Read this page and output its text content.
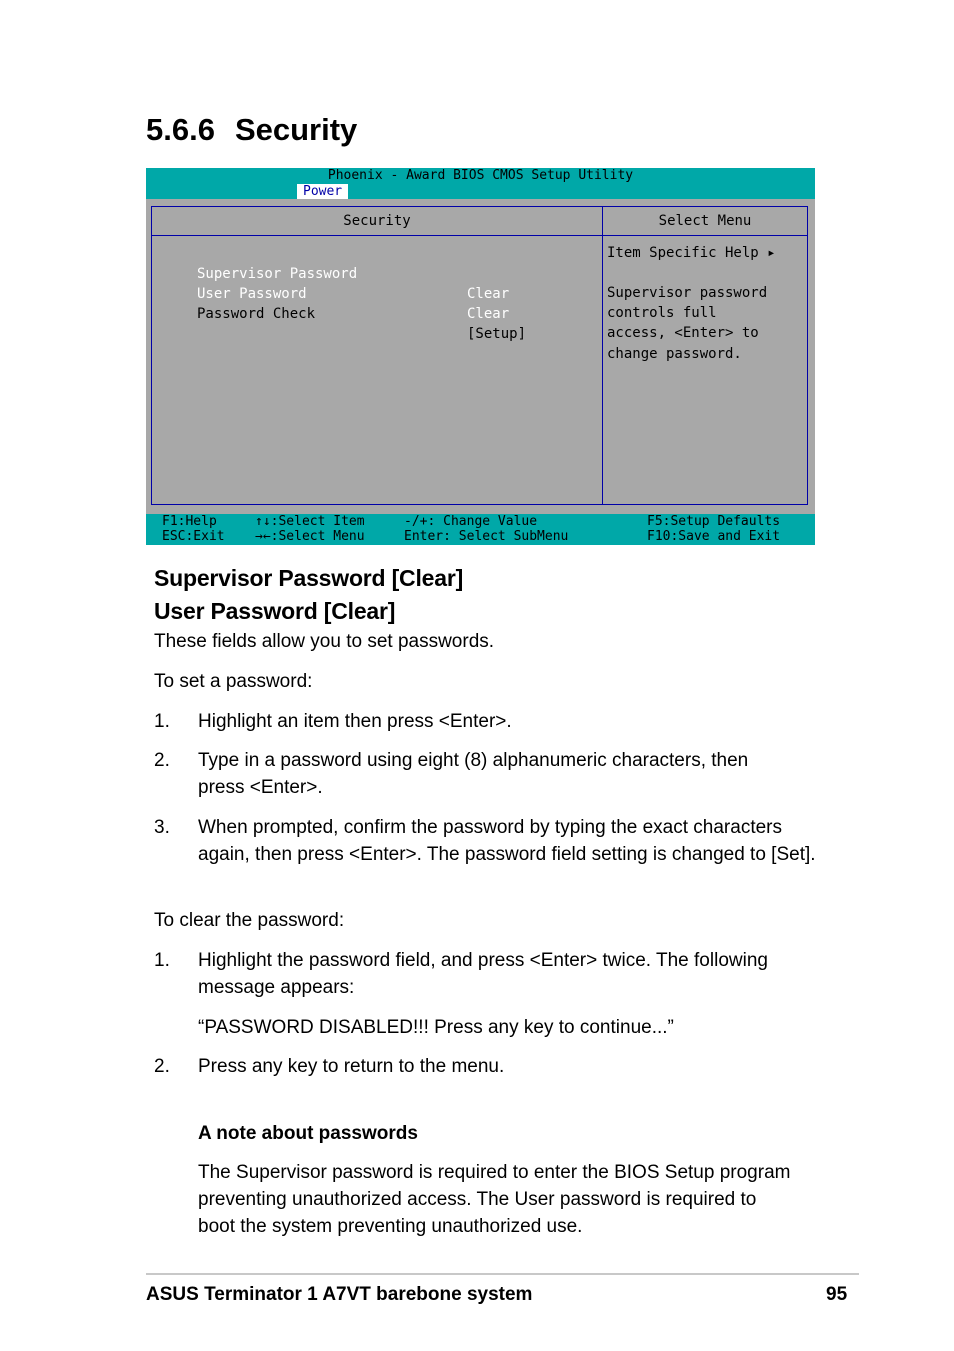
5.6.6 Security
Phoenix - Award BIOS CMOS Setup Utility
Power
Security	Select Menu

Supervisor Password

Clear

User Password

Clear

Password Check

[Setup]

Item Specific Help ▸
Supervisor password
controls full
access, <Enter> to
change password.
F1:Help
ESC:Exit
↑↓:Select Item
→←:Select Menu
-/+: Change Value
Enter: Select SubMenu
F5:Setup Defaults
F10:Save and Exit
Supervisor Password [Clear]
User Password [Clear]
These fields allow you to set passwords.
To set a password:
1. Highlight an item then press <Enter>.
2. Type in a password using eight (8) alphanumeric characters, then press <Enter>.
3. When prompted, confirm the password by typing the exact characters again, then press <Enter>. The password field setting is changed to [Set].
To clear the password:
1. Highlight the password field, and press <Enter> twice. The following message appears:
“PASSWORD DISABLED!!! Press any key to continue...”
2. Press any key to return to the menu.
A note about passwords
The Supervisor password is required to enter the BIOS Setup program preventing unauthorized access. The User password is required to boot the system preventing unauthorized use.
ASUS Terminator 1 A7VT barebone system	95
